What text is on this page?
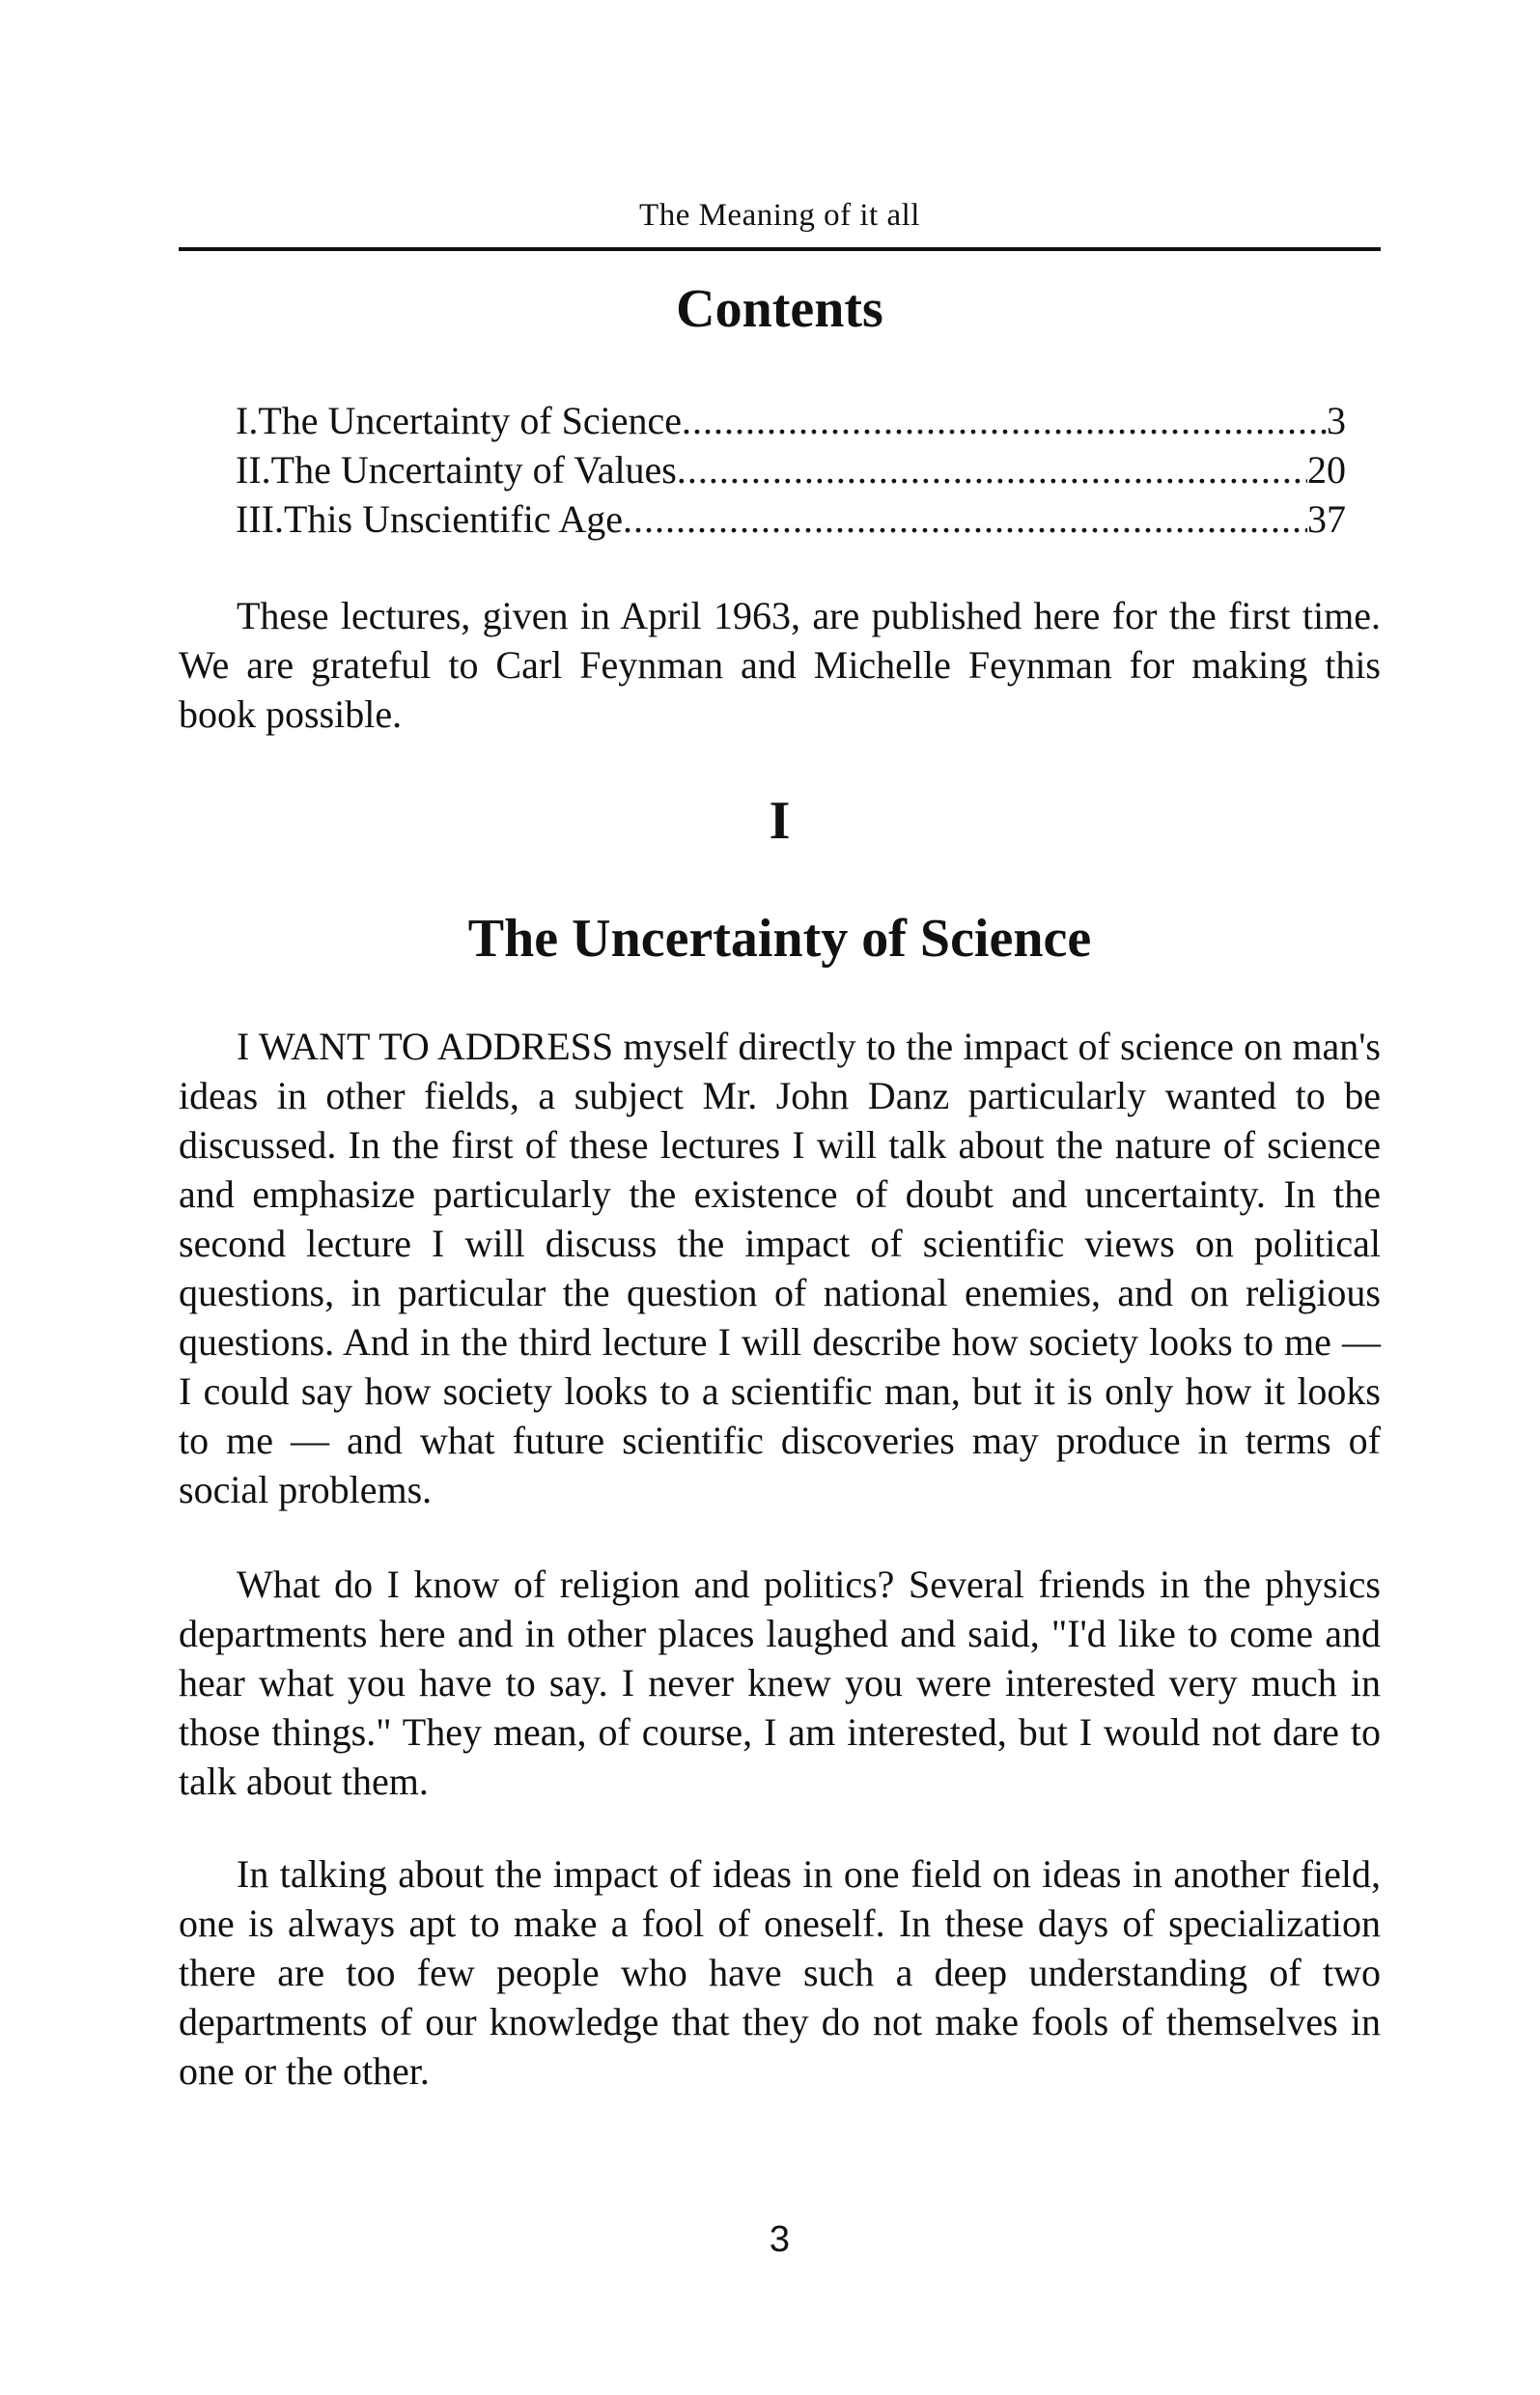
The Meaning of it all
Contents
I.The Uncertainty of Science .....	3
II.The Uncertainty of Values .....	20
III.This Unscientific Age .....	37

These lectures, given in April 1963, are published here for the first time. We are grateful to Carl Feynman and Michelle Feynman for making this book possible.

I
The Uncertainty of Science

I WANT TO ADDRESS myself directly to the impact of science on man's ideas in other fields, a subject Mr. John Danz particularly wanted to be discussed. In the first of these lectures I will talk about the nature of science and emphasize particularly the existence of doubt and uncertainty. In the second lecture I will discuss the impact of scientific views on political questions, in particular the question of national enemies, and on religious questions. And in the third lecture I will describe how society looks to me — I could say how society looks to a scientific man, but it is only how it looks to me — and what future scientific discoveries may produce in terms of social problems.

What do I know of religion and politics? Several friends in the physics departments here and in other places laughed and said, "I'd like to come and hear what you have to say. I never knew you were interested very much in those things." They mean, of course, I am interested, but I would not dare to talk about them.

In talking about the impact of ideas in one field on ideas in another field, one is always apt to make a fool of oneself. In these days of specialization there are too few people who have such a deep understanding of two departments of our knowledge that they do not make fools of themselves in one or the other.

3
